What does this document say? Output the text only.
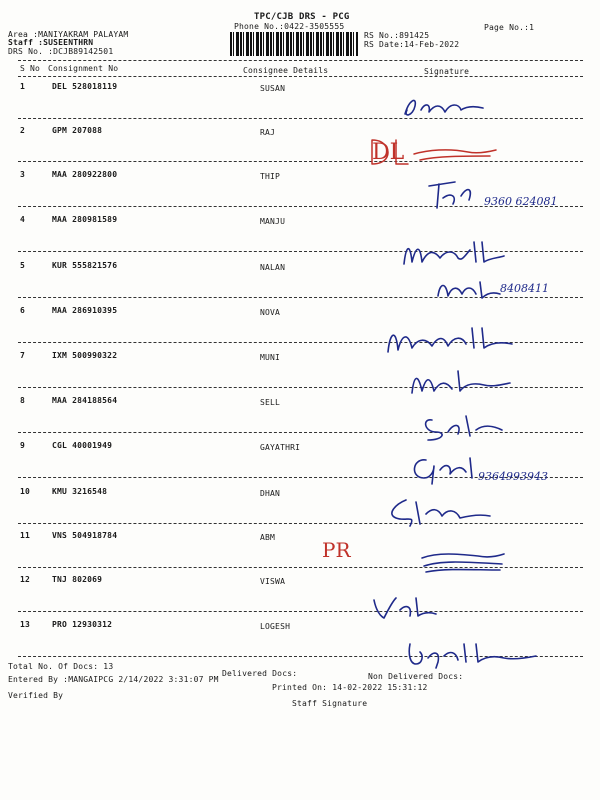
TPC/CJB DRS - PCG
Phone No.:0422-3505555	Page No.:1
Area :MANIYAKRAM PALAYAM
Staff :SUSEENTHRN
DRS No. :DCJB89142501
RS No.:891425
RS Date:14-Feb-2022
S No Consignment No	Consignee Details	Signature
1	DEL 528018119	SUSAN
2	GPM 207088	RAJ
3	MAA 280922800	THIP
4	MAA 280981589	MANJU
5	KUR 555821576	NALAN
6	MAA 286910395	NOVA
7	IXM 500990322	MUNI
8	MAA 284188564	SELL
9	CGL 40001949	GAYATHRI
10	KMU 3216548	DHAN
11	VNS 504918784	ABM
12	TNJ 802069	VISWA
13	PRO 12930312	LOGESH
DL
9360 624081
8408411
9364993943
PR
Total No. Of Docs: 13
Delivered Docs:	Non Delivered Docs:
Entered By :MANGAIPCG 2/14/2022 3:31:07 PM
Printed On: 14-02-2022 15:31:12
Verified By
Staff Signature
